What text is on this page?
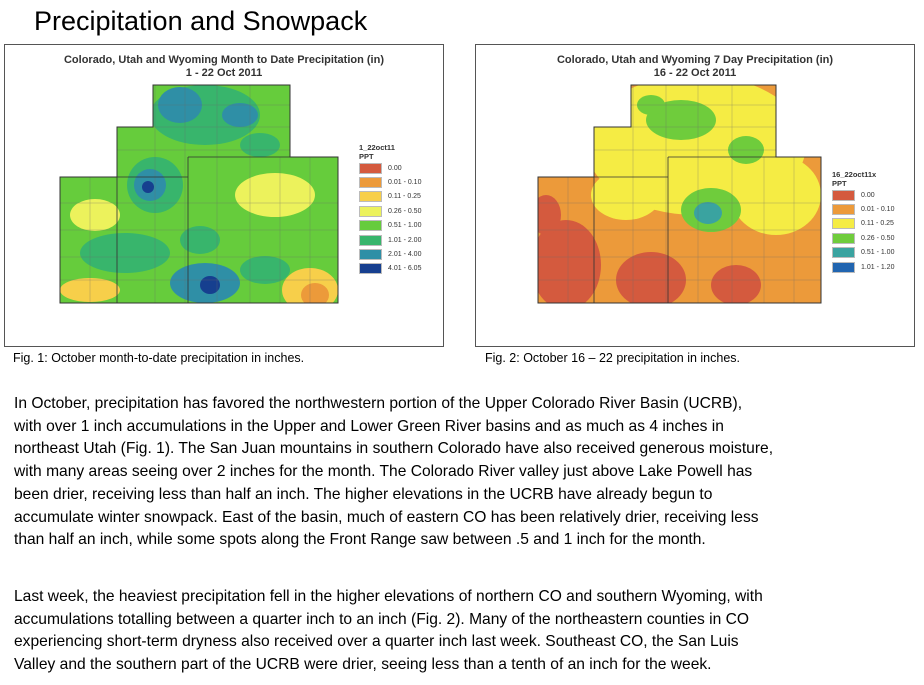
Precipitation and Snowpack
Colorado, Utah and Wyoming Month to Date Precipitation (in)
1 - 22 Oct 2011
1_22oct11
PPT
0.00
0.01 - 0.10
0.11 - 0.25
0.26 - 0.50
0.51 - 1.00
1.01 - 2.00
2.01 - 4.00
4.01 - 6.05
Colorado, Utah and Wyoming 7 Day Precipitation (in)
16 - 22 Oct 2011
16_22oct11x
PPT
0.00
0.01 - 0.10
0.11 - 0.25
0.26 - 0.50
0.51 - 1.00
1.01 - 1.20
Fig. 1: October month-to-date precipitation in inches.	Fig. 2: October 16 – 22 precipitation in inches.
In October, precipitation has favored the northwestern portion of the Upper Colorado River Basin (UCRB),
with over 1 inch accumulations in the Upper and Lower Green River basins and as much as 4 inches in
northeast Utah (Fig. 1). The San Juan mountains in southern Colorado have also received generous moisture,
with many areas seeing over 2 inches for the month. The Colorado River valley just above Lake Powell has
been drier, receiving less than half an inch. The higher elevations in the UCRB have already begun to
accumulate winter snowpack. East of the basin, much of eastern CO has been relatively drier, receiving less
than half an inch, while some spots along the Front Range saw between .5 and 1 inch for the month.
Last week, the heaviest precipitation fell in the higher elevations of northern CO and southern Wyoming, with
accumulations totalling between a quarter inch to an inch (Fig. 2). Many of the northeastern counties in CO
experiencing short-term dryness also received over a quarter inch last week. Southeast CO, the San Luis
Valley and the southern part of the UCRB were drier, seeing less than a tenth of an inch for the week.
